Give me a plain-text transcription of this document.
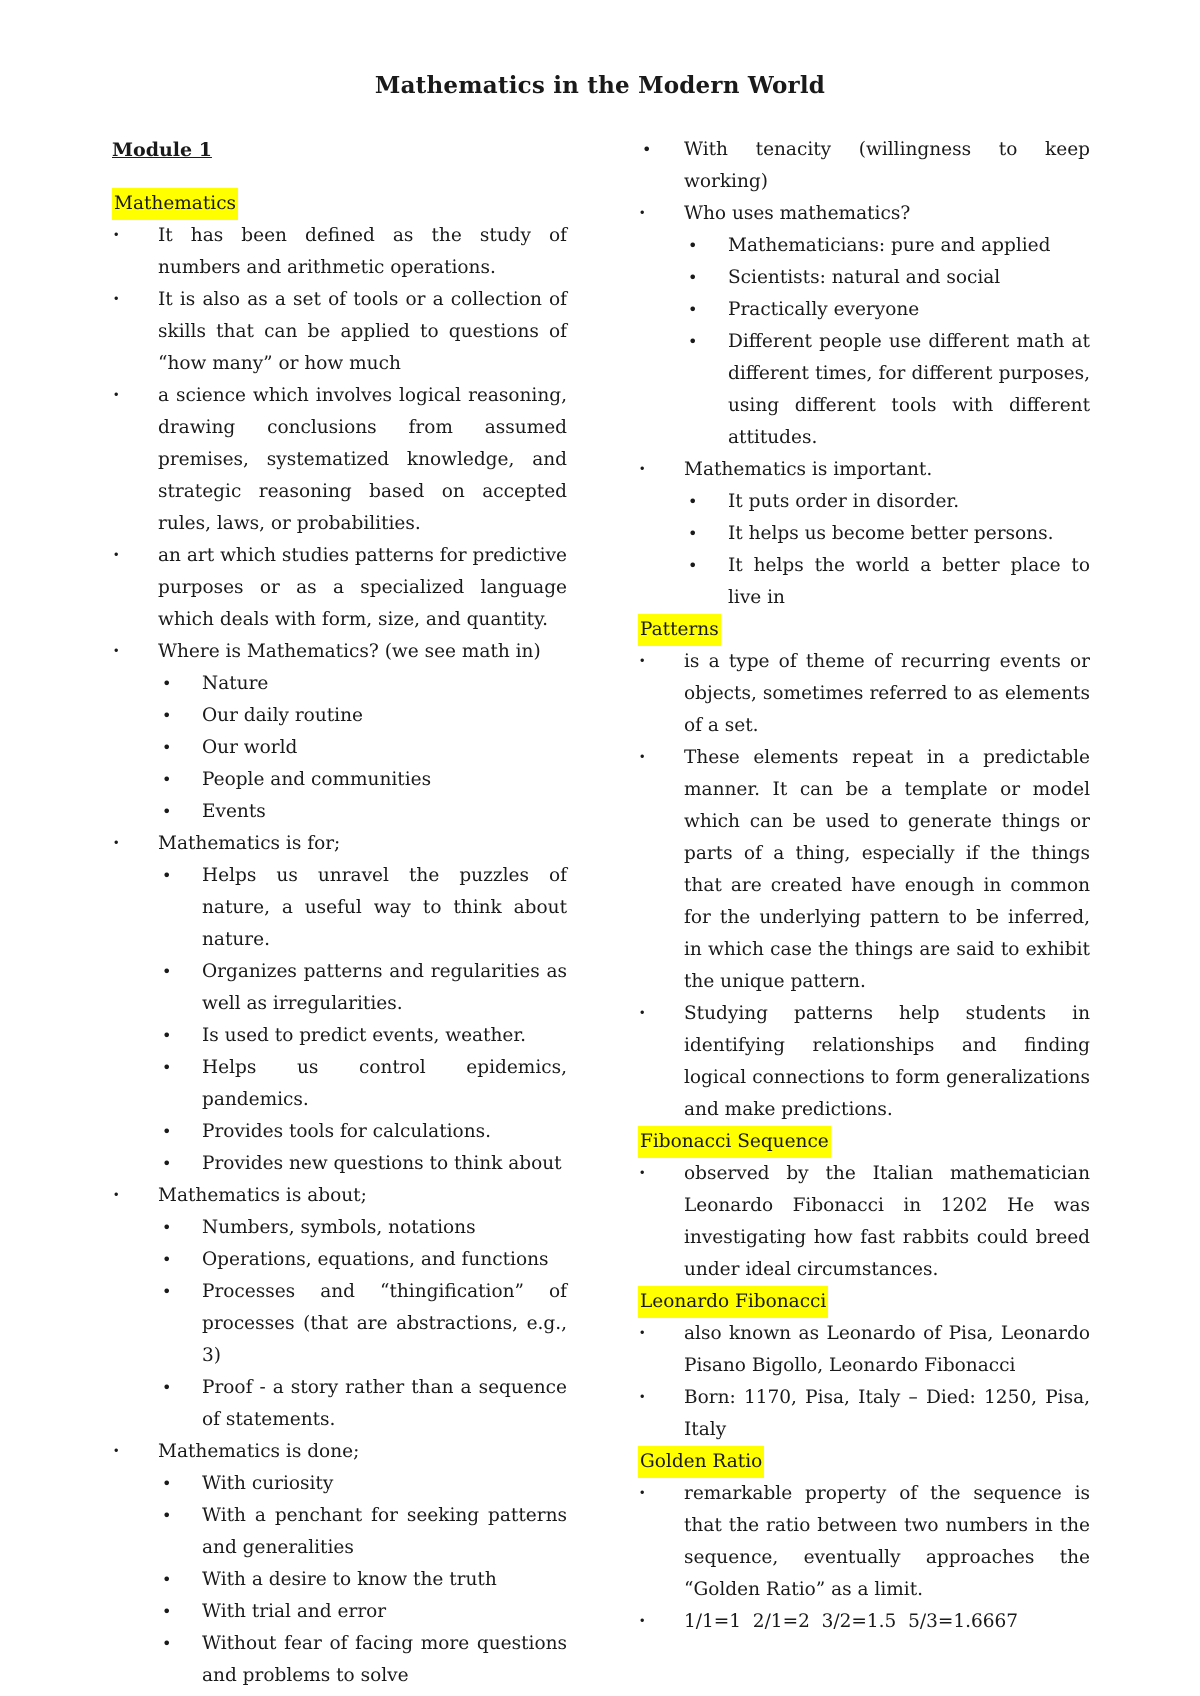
Mathematics in the Modern World
Module 1
Mathematics
· It has been defined as the study of numbers and arithmetic operations.
· It is also as a set of tools or a collection of skills that can be applied to questions of “how many” or how much
· a science which involves logical reasoning, drawing conclusions from assumed premises, systematized knowledge, and strategic reasoning based on accepted rules, laws, or probabilities.
· an art which studies patterns for predictive purposes or as a specialized language which deals with form, size, and quantity.
· Where is Mathematics? (we see math in)
• Nature
• Our daily routine
• Our world
• People and communities
• Events
· Mathematics is for;
• Helps us unravel the puzzles of nature, a useful way to think about nature.
• Organizes patterns and regularities as well as irregularities.
• Is used to predict events, weather.
• Helps us control epidemics, pandemics.
• Provides tools for calculations.
• Provides new questions to think about
· Mathematics is about;
• Numbers, symbols, notations
• Operations, equations, and functions
• Processes and “thingification” of processes (that are abstractions, e.g., 3)
• Proof - a story rather than a sequence of statements.
· Mathematics is done;
• With curiosity
• With a penchant for seeking patterns and generalities
• With a desire to know the truth
• With trial and error
• Without fear of facing more questions and problems to solve
• With tenacity (willingness to keep working)
· Who uses mathematics?
• Mathematicians: pure and applied
• Scientists: natural and social
• Practically everyone
• Different people use different math at different times, for different purposes, using different tools with different attitudes.
· Mathematics is important.
• It puts order in disorder.
• It helps us become better persons.
• It helps the world a better place to live in
Patterns
· is a type of theme of recurring events or objects, sometimes referred to as elements of a set.
· These elements repeat in a predictable manner. It can be a template or model which can be used to generate things or parts of a thing, especially if the things that are created have enough in common for the underlying pattern to be inferred, in which case the things are said to exhibit the unique pattern.
· Studying patterns help students in identifying relationships and finding logical connections to form generalizations and make predictions.
Fibonacci Sequence
· observed by the Italian mathematician Leonardo Fibonacci in 1202 He was investigating how fast rabbits could breed under ideal circumstances.
Leonardo Fibonacci
· also known as Leonardo of Pisa, Leonardo Pisano Bigollo, Leonardo Fibonacci
· Born: 1170, Pisa, Italy – Died: 1250, Pisa, Italy
Golden Ratio
· remarkable property of the sequence is that the ratio between two numbers in the sequence, eventually approaches the “Golden Ratio” as a limit.
· 1/1=1  2/1=2  3/2=1.5  5/3=1.6667
